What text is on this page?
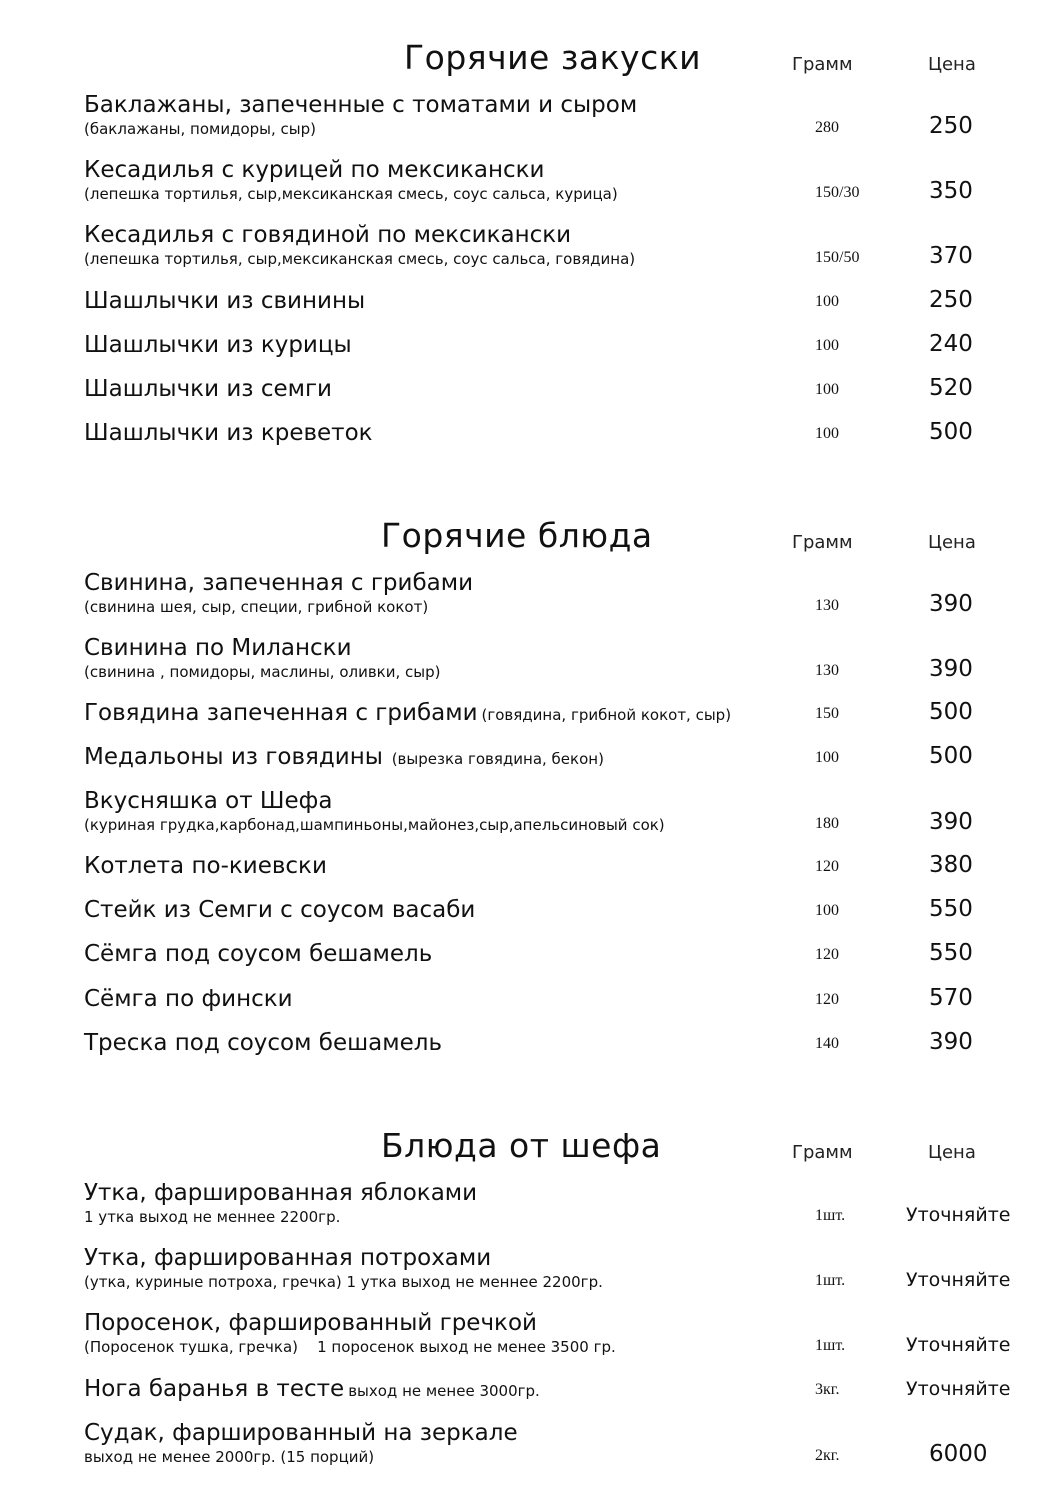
Горячие закуски	Грамм	Цена
Баклажаны, запеченные с томатами и сыром
(баклажаны, помидоры, сыр)	280	250
Кесадилья с курицей по мексикански
(лепешка тортилья, сыр,мексиканская смесь, соус сальса, курица)	150/30	350
Кесадилья с говядиной по мексикански
(лепешка тортилья, сыр,мексиканская смесь, соус сальса, говядина)	150/50	370
Шашлычки из свинины	100	250
Шашлычки из курицы	100	240
Шашлычки из семги	100	520
Шашлычки из креветок	100	500
Горячие блюда	Грамм	Цена
Свинина, запеченная с грибами
(свинина шея, сыр, специи, грибной кокот)	130	390
Свинина по Милански
(свинина , помидоры, маслины, оливки, сыр)	130	390
Говядина запеченная с грибами (говядина, грибной кокот, сыр)	150	500
Медальоны из говядины (вырезка говядина, бекон)	100	500
Вкусняшка от Шефа
(куриная грудка,карбонад,шампиньоны,майонез,сыр,апельсиновый сок)	180	390
Котлета по-киевски	120	380
Стейк из Семги с соусом васаби	100	550
Сёмга под соусом бешамель	120	550
Сёмга по фински	120	570
Треска под соусом бешамель	140	390
Блюда от шефа	Грамм	Цена
Утка, фаршированная яблоками
1 утка выход не меннее 2200гр.	1шт.	Уточняйте
Утка, фаршированная потрохами
(утка, куриные потроха, гречка) 1 утка выход не меннее 2200гр.	1шт.	Уточняйте
Поросенок, фаршированный гречкой
(Поросенок тушка, гречка)    1 поросенок выход не менее 3500 гр.	1шт.	Уточняйте
Нога баранья в тесте выход не менее 3000гр.	3кг.	Уточняйте
Судак, фаршированный на зеркале
выход не менее 2000гр. (15 порций)	2кг.	6000
